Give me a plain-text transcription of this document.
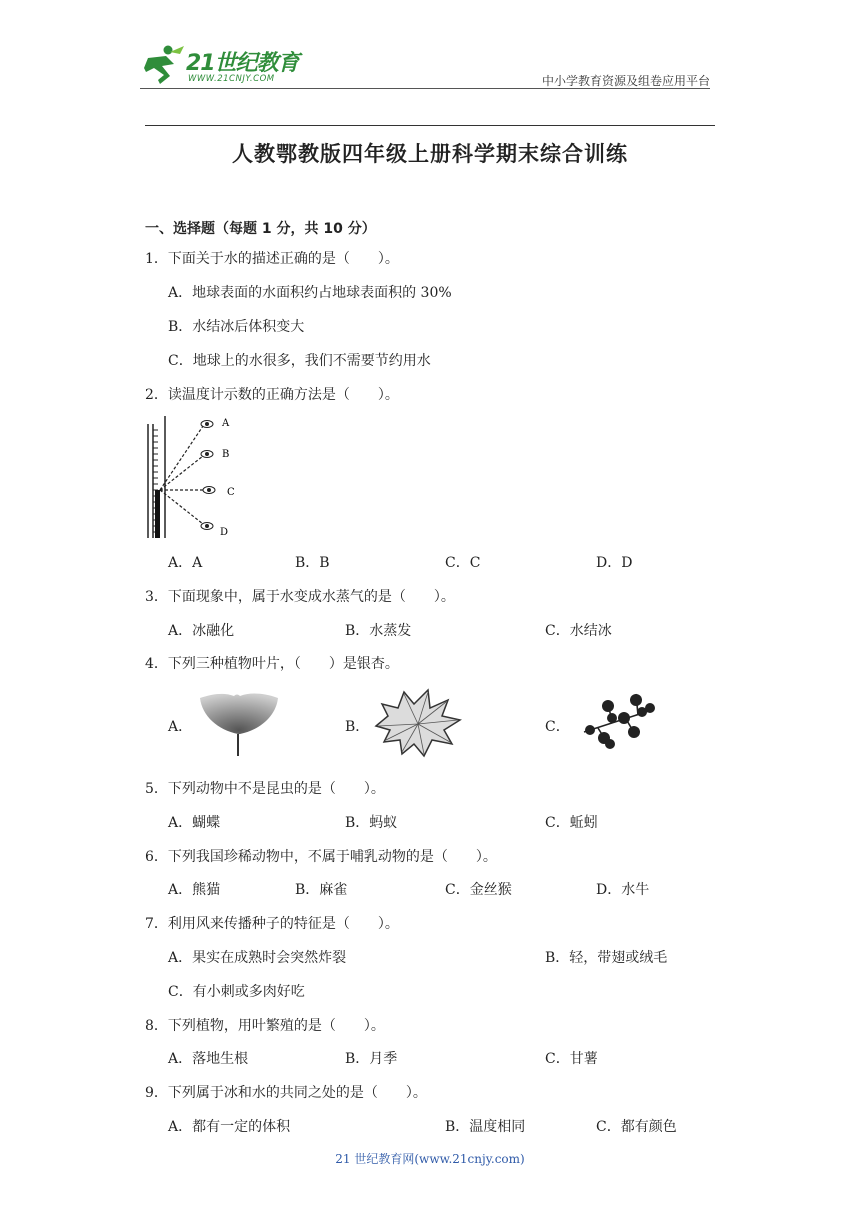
21世纪教育
WWW.21CNJY.COM	中小学教育资源及组卷应用平台
人教鄂教版四年级上册科学期末综合训练
一、选择题（每题 1 分，共 10 分）
1．下面关于水的描述正确的是（　　）。
A．地球表面的水面积约占地球表面积的 30%
B．水结冰后体积变大
C．地球上的水很多，我们不需要节约用水
2．读温度计示数的正确方法是（　　）。
A
B
C
D
A．A	B．B	C．C	D．D
3．下面现象中，属于水变成水蒸气的是（　　）。
A．冰融化	B．水蒸发	C．水结冰
4．下列三种植物叶片，（　　）是银杏。
A．	B．	C．
5．下列动物中不是昆虫的是（　　）。
A．蝴蝶	B．蚂蚁	C．蚯蚓
6．下列我国珍稀动物中，不属于哺乳动物的是（　　）。
A．熊猫	B．麻雀	C．金丝猴	D．水牛
7．利用风来传播种子的特征是（　　）。
A．果实在成熟时会突然炸裂	B．轻，带翅或绒毛
C．有小刺或多肉好吃
8．下列植物，用叶繁殖的是（　　）。
A．落地生根	B．月季	C．甘薯
9．下列属于冰和水的共同之处的是（　　）。
A．都有一定的体积	B．温度相同	C．都有颜色
21 世纪教育网(www.21cnjy.com)
